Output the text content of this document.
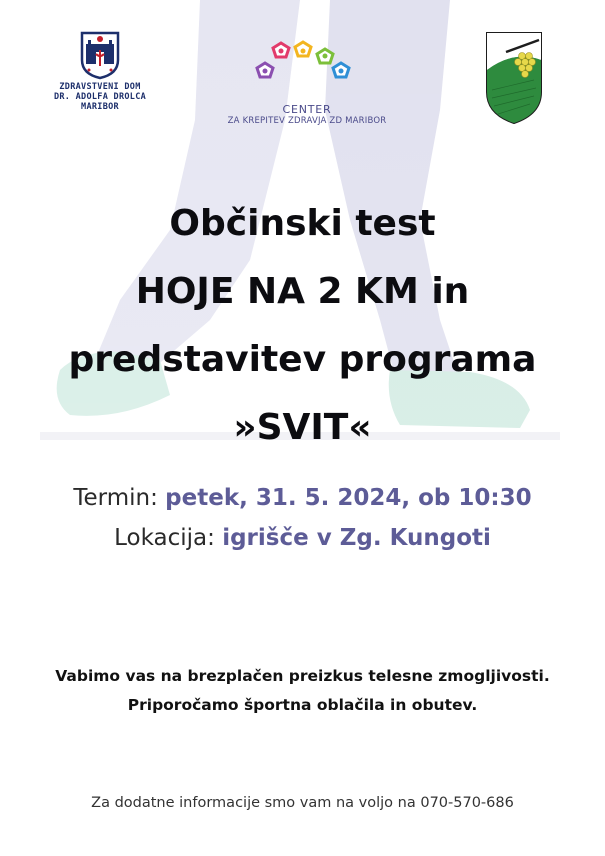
ZDRAVSTVENI DOM
DR. ADOLFA DROLCA
MARIBOR	CENTER
ZA KREPITEV ZDRAVJA ZD MARIBOR
Občinski test
HOJE NA 2 KM in
predstavitev programa
»SVIT«
Termin: petek, 31. 5. 2024, ob 10:30
Lokacija: igrišče v Zg. Kungoti
Vabimo vas na brezplačen preizkus telesne zmogljivosti.
Priporočamo športna oblačila in obutev.
Za dodatne informacije smo vam na voljo na 070-570-686
